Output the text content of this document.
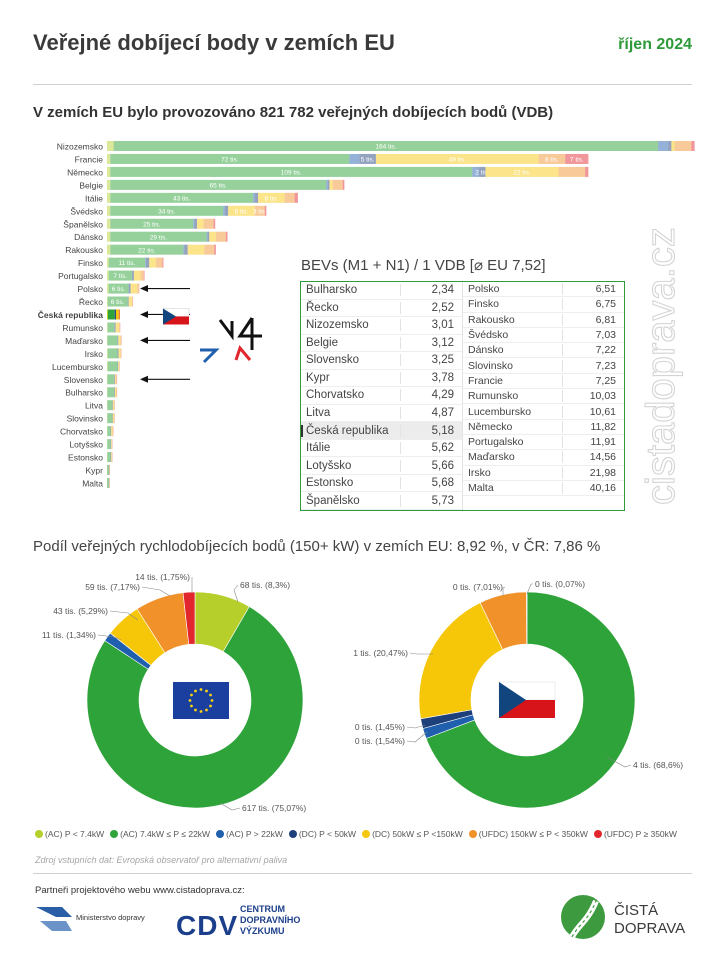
Veřejné dobíjecí body v zemích EU	říjen 2024
V zemích EU bylo provozováno 821 782 veřejných dobíjecích bodů (VDB)
Nizozemsko	164 tis.
Francie	72 tis.	5 tis.	49 tis.	8 tis. 7 tis.
Německo	109 tis.	2 tis.	22 tis.
Belgie	65 tis.
Itálie	43 tis.	8 tis.
Švédsko	34 tis.	8 tis. 3 tis.
Španělsko	25 tis.
Dánsko	29 tis.
Rakousko	22 tis.
Finsko 11 tis.
Portugalsko 7 tis.
Polsko 6 tis.
Řecko 6 tis.
Česká republika
Rumunsko
Maďarsko
Irsko
Lucembursko
Slovensko
Bulharsko
Litva
Slovinsko
Chorvatsko
Lotyšsko
Estonsko
Kypr
Malta	cistadoprava.cz
BEVs (M1 + N1) / 1 VDB [⌀ EU 7,52]
Bulharsko	2,34
Řecko	2,52
Nizozemsko	3,01
Belgie	3,12
Slovensko	3,25
Kypr	3,78
Chorvatsko	4,29
Litva	4,87
Česká republika	5,18
Itálie	5,62
Lotyšsko	5,66
Estonsko	5,68
Španělsko	5,73
Polsko	6,51
Finsko	6,75
Rakousko	6,81
Švédsko	7,03
Dánsko	7,22
Slovinsko	7,23
Francie	7,25
Rumunsko	10,03
Lucembursko	10,61
Německo	11,82
Portugalsko	11,91
Maďarsko	14,56
Irsko	21,98
Malta	40,16
Podíl veřejných rychlodobíjecích bodů (150+ kW) v zemích EU: 8,92 %, v ČR: 7,86 %
68 tis. (8,3%)
617 tis. (75,07%)
11 tis. (1,34%)
43 tis. (5,29%)
59 tis. (7,17%)
14 tis. (1,75%)
4 tis. (68,6%)
0 tis. (1,54%)
0 tis. (1,45%)
1 tis. (20,47%)
0 tis. (7,01%)	0 tis. (0,07%)
(AC) P < 7.4kW (AC) 7.4kW ≤ P ≤ 22kW (AC) P > 22kW (DC) P < 50kW (DC) 50kW ≤ P <150kW (UFDC) 150kW ≤ P < 350kW (UFDC) P ≥ 350kW
Zdroj vstupních dat: Evropská observatoř pro alternativní paliva
Partneři projektového webu www.cistadoprava.cz:
Ministerstvo dopravy CDV
CENTRUM
DOPRAVNÍHO
VÝZKUMU
ČISTÁ
DOPRAVA
